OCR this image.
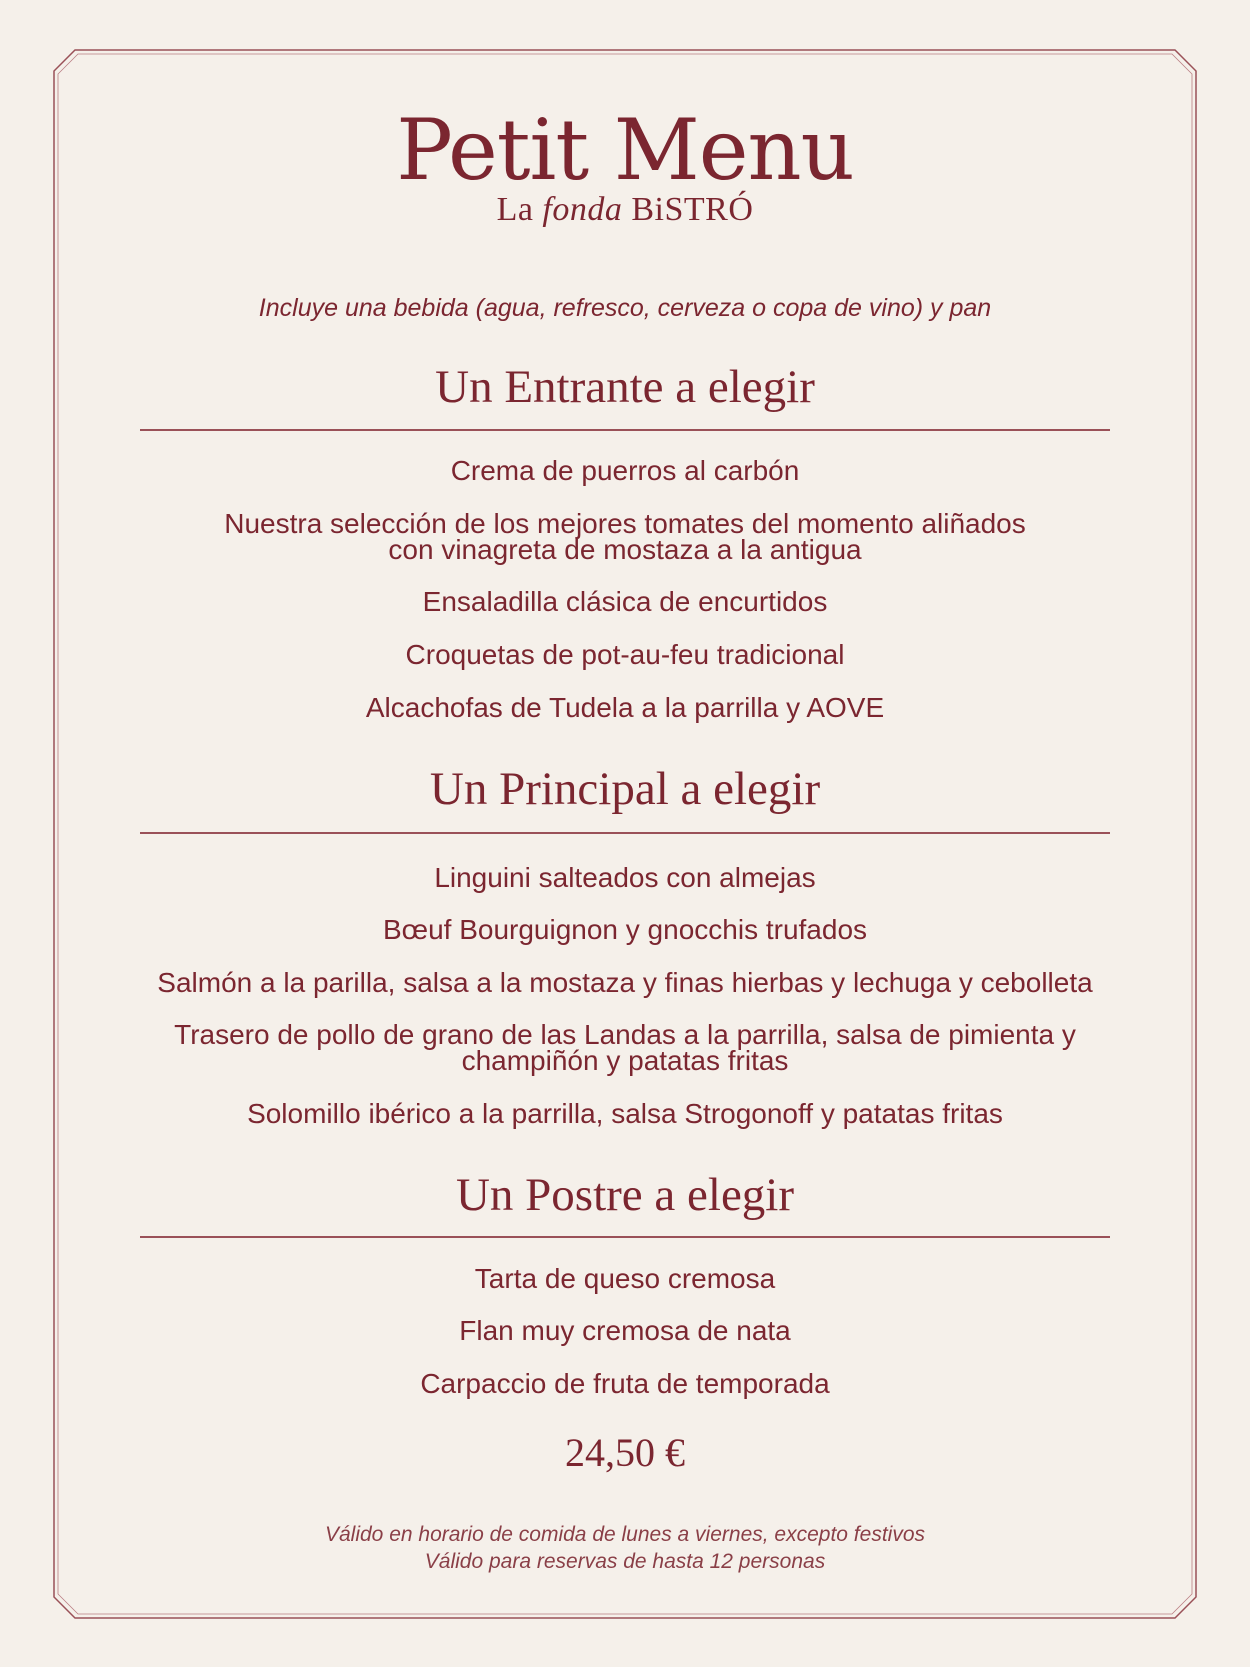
Petit Menu
La fonda BiSTRÓ
Incluye una bebida (agua, refresco, cerveza o copa de vino) y pan
Un Entrante a elegir
Crema de puerros al carbón
Nuestra selección de los mejores tomates del momento aliñados
con vinagreta de mostaza a la antigua
Ensaladilla clásica de encurtidos
Croquetas de pot-au-feu tradicional
Alcachofas de Tudela a la parrilla y AOVE
Un Principal a elegir
Linguini salteados con almejas
Bœuf Bourguignon y gnocchis trufados
Salmón a la parilla, salsa a la mostaza y finas hierbas y lechuga y cebolleta
Trasero de pollo de grano de las Landas a la parrilla, salsa de pimienta y
champiñón y patatas fritas
Solomillo ibérico a la parrilla, salsa Strogonoff y patatas fritas
Un Postre a elegir
Tarta de queso cremosa
Flan muy cremosa de nata
Carpaccio de fruta de temporada
24,50 €
Válido en horario de comida de lunes a viernes, excepto festivos
Válido para reservas de hasta 12 personas
